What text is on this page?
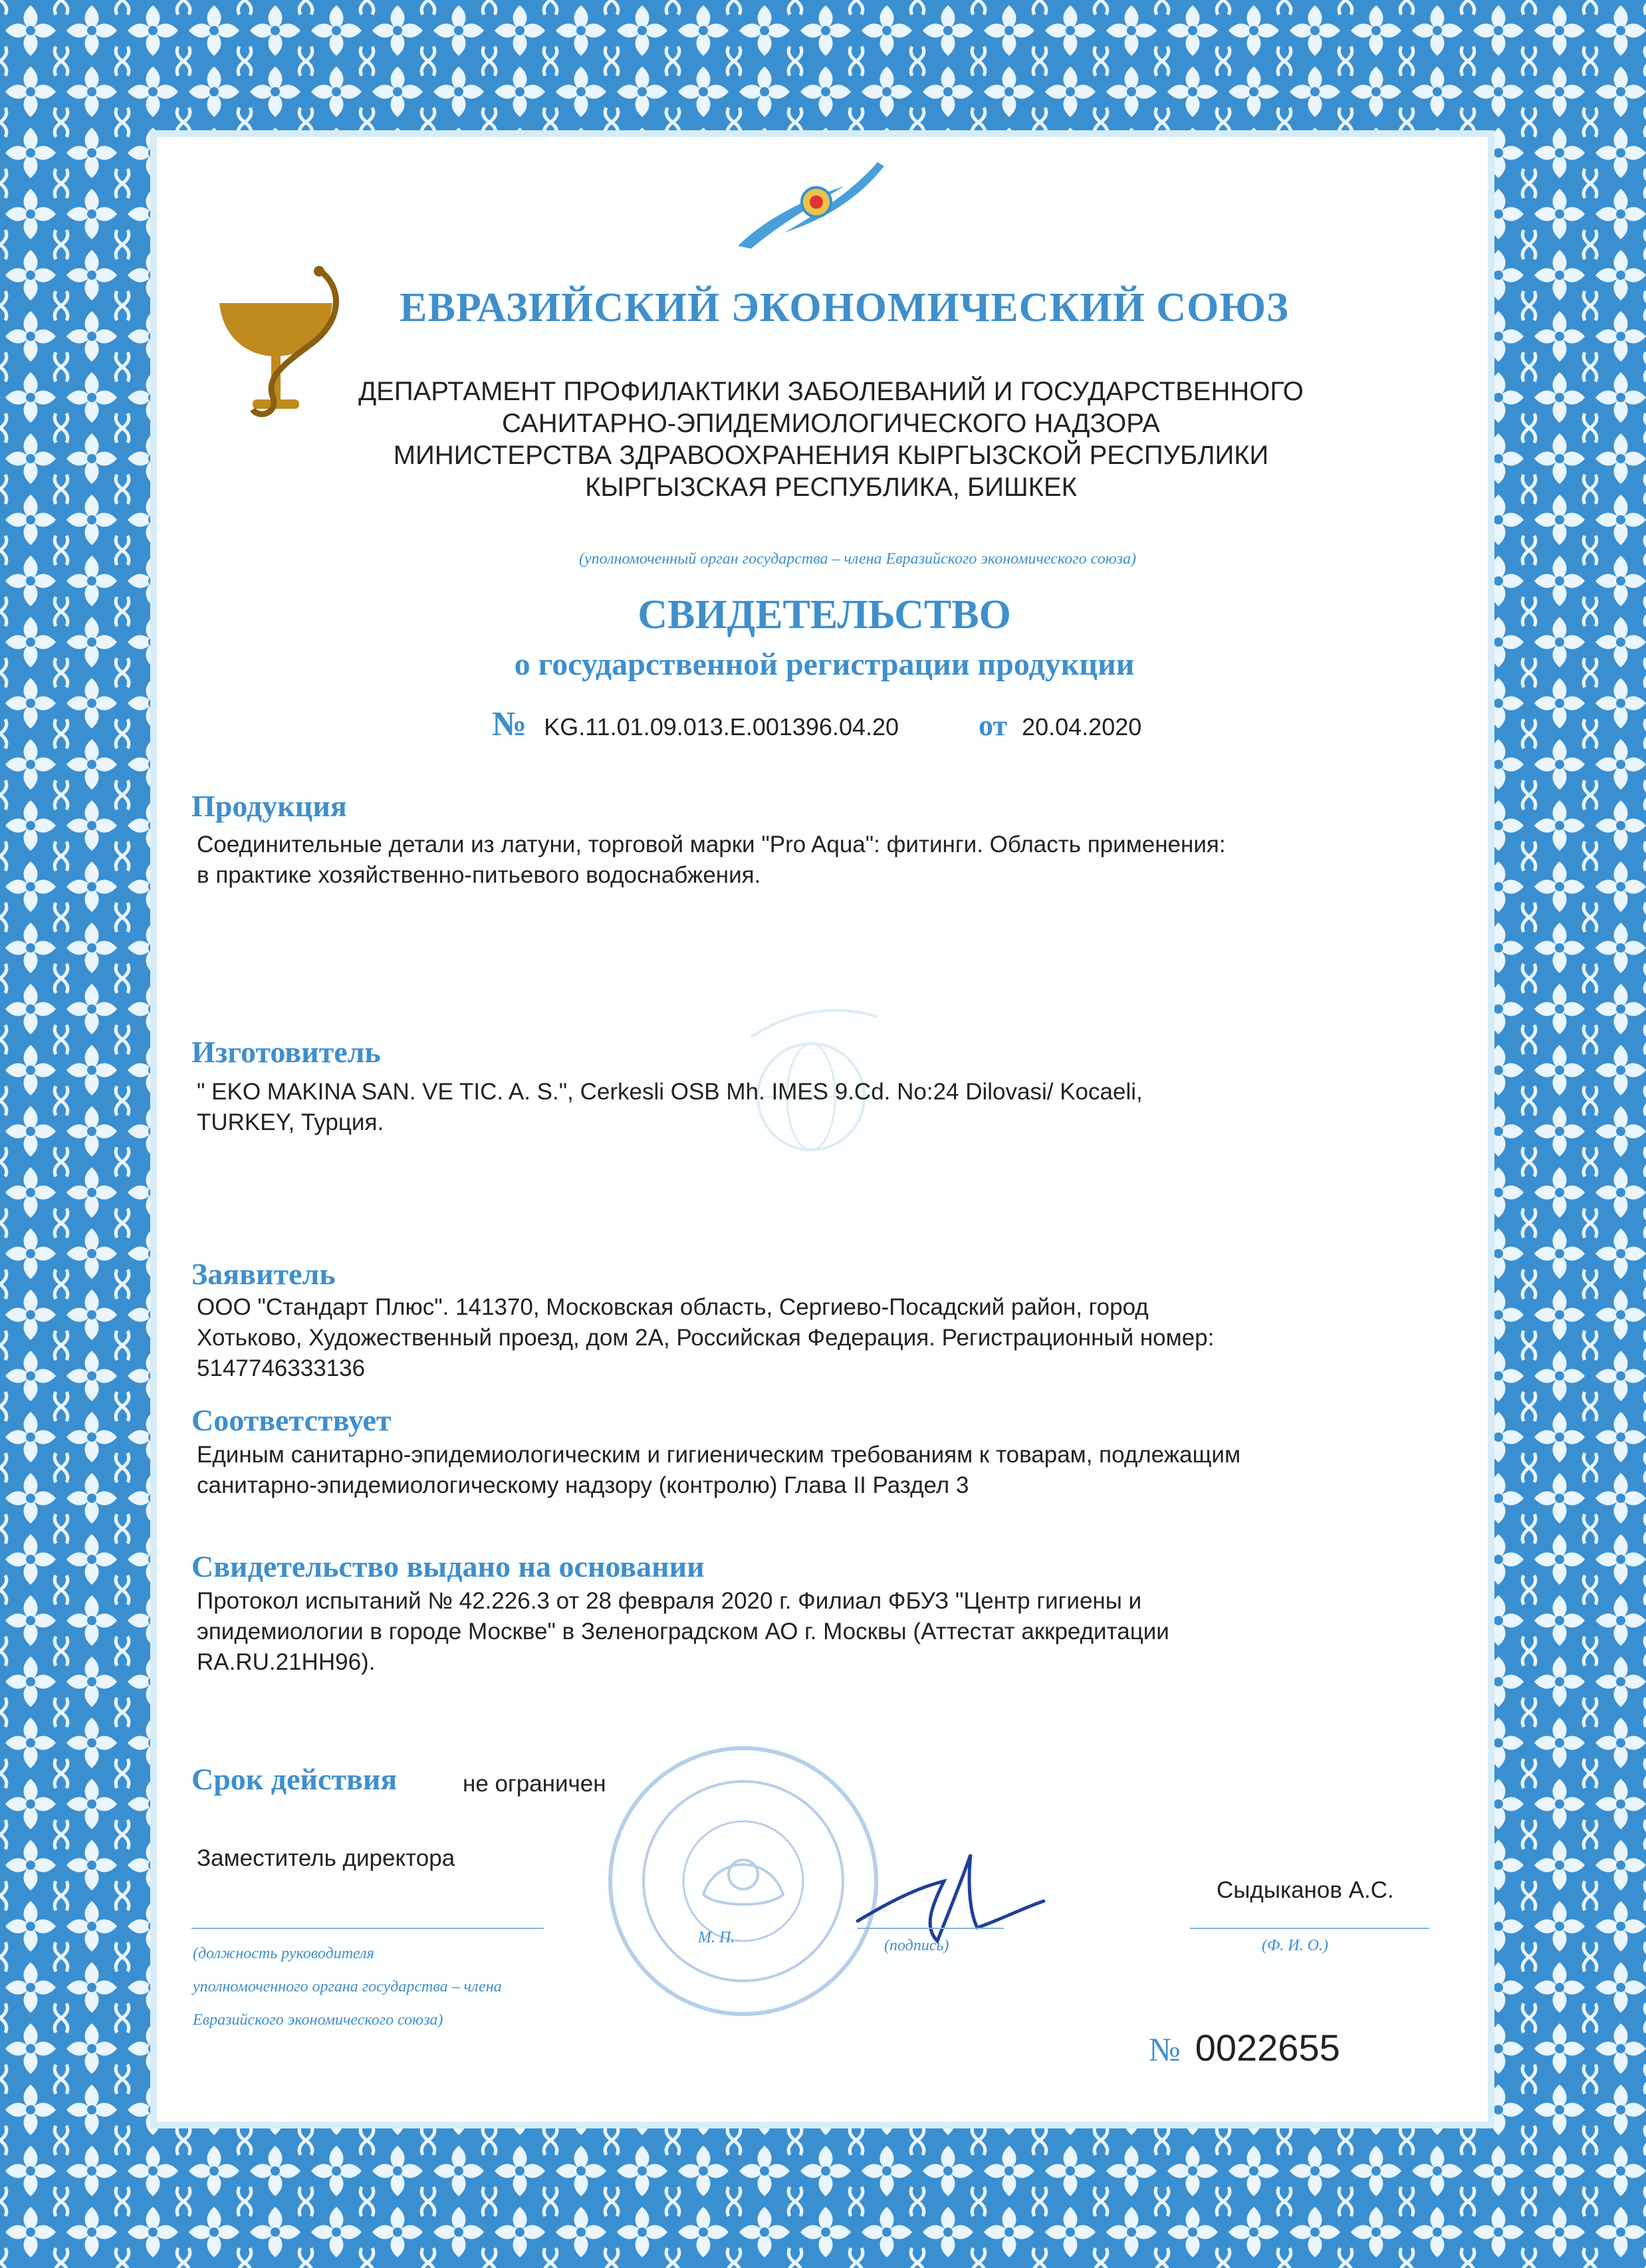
ЕВРАЗИЙСКИЙ ЭКОНОМИЧЕСКИЙ СОЮЗ
ДЕПАРТАМЕНТ ПРОФИЛАКТИКИ ЗАБОЛЕВАНИЙ И ГОСУДАРСТВЕННОГО
САНИТАРНО-ЭПИДЕМИОЛОГИЧЕСКОГО НАДЗОРА
МИНИСТЕРСТВА ЗДРАВООХРАНЕНИЯ КЫРГЫЗСКОЙ РЕСПУБЛИКИ
КЫРГЫЗСКАЯ РЕСПУБЛИКА, БИШКЕК
(уполномоченный орган государства – члена Евразийского экономического союза)
СВИДЕТЕЛЬСТВО
о государственной регистрации продукции
№ KG.11.01.09.013.E.001396.04.20	от 20.04.2020
Продукция
Соединительные детали из латуни, торговой марки "Pro Aqua": фитинги. Область применения:
в практике хозяйственно-питьевого водоснабжения.
Изготовитель
" EKO MAKINA SAN. VE TIC. A. S.", Cerkesli OSB Mh. IMES 9.Cd. No:24 Dilovasi/ Kocaeli,
TURKEY, Турция.
Заявитель
ООО "Стандарт Плюс". 141370, Московская область, Сергиево-Посадский район, город
Хотьково, Художественный проезд, дом 2А, Российская Федерация. Регистрационный номер:
5147746333136
Соответствует
Единым санитарно-эпидемиологическим и гигиеническим требованиям к товарам, подлежащим
санитарно-эпидемиологическому надзору (контролю) Глава II Раздел 3
Свидетельство выдано на основании
Протокол испытаний № 42.226.3 от 28 февраля 2020 г. Филиал ФБУЗ "Центр гигиены и
эпидемиологии в городе Москве" в Зеленоградском АО г. Москвы (Аттестат аккредитации
RA.RU.21HH96).
Срок действия	не ограничен
Заместитель директора
Сыдыканов А.С.
(должность руководителя
уполномоченного органа государства – члена
Евразийского экономического союза)
М. П.	(подпись)	(Ф. И. О.)
№ 0022655
